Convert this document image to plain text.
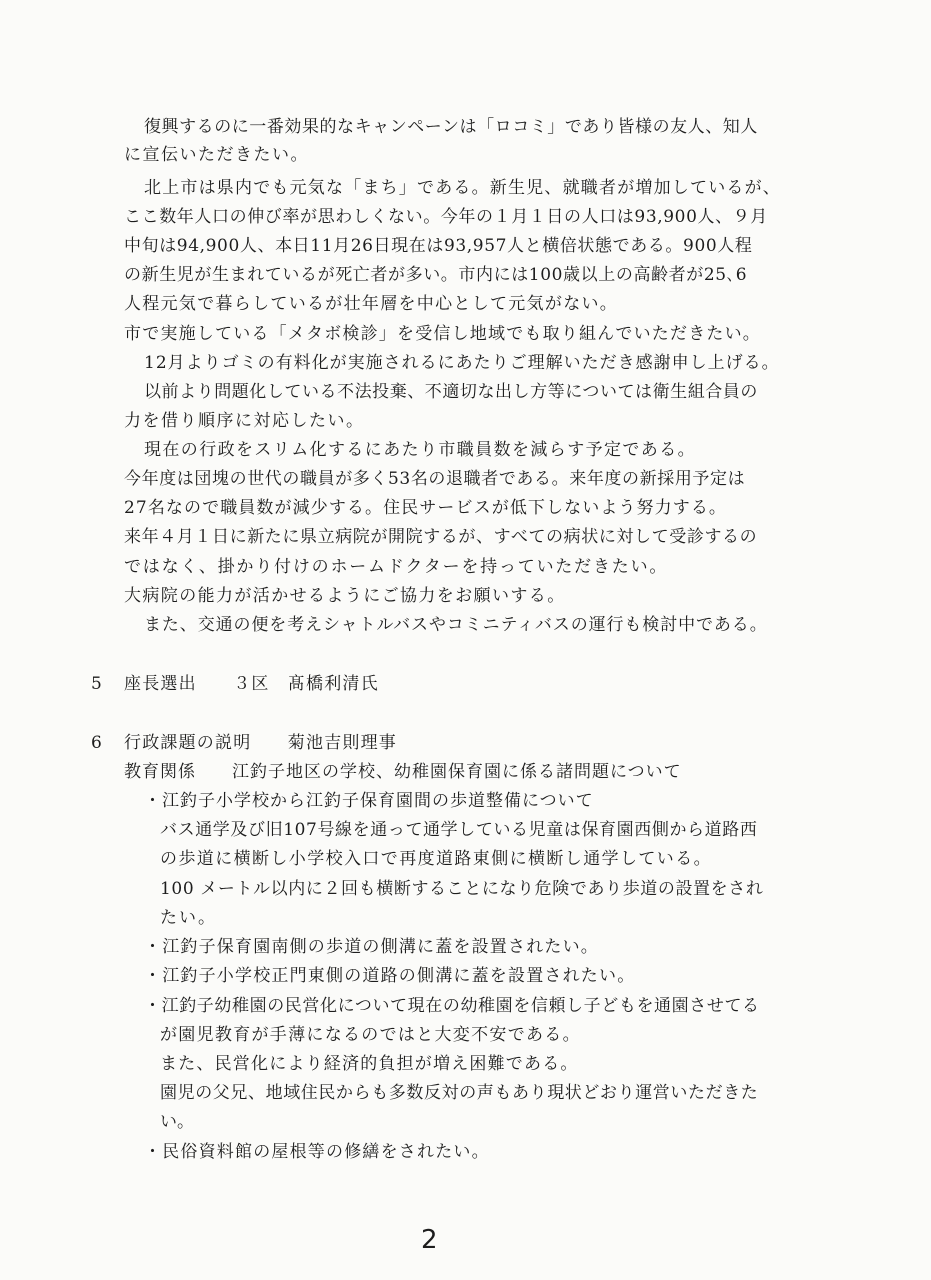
復興するのに一番効果的なキャンペーンは「ロコミ」であり皆様の友人、知人
に宣伝いただきたい。
北上市は県内でも元気な「まち」である。新生児、就職者が増加しているが、
ここ数年人口の伸び率が思わしくない。今年の１月１日の人口は93,900人、９月
中旬は94,900人、本日11月26日現在は93,957人と横倍状態である。900人程
の新生児が生まれているが死亡者が多い。市内には100歳以上の高齢者が25､6
人程元気で暮らしているが壮年層を中心として元気がない。
市で実施している「メタボ検診」を受信し地域でも取り組んでいただきたい。
12月よりゴミの有料化が実施されるにあたりご理解いただき感謝申し上げる。
以前より問題化している不法投棄、不適切な出し方等については衛生組合員の
力を借り順序に対応したい。
現在の行政をスリム化するにあたり市職員数を減らす予定である。
今年度は団塊の世代の職員が多く53名の退職者である。来年度の新採用予定は
27名なので職員数が減少する。住民サービスが低下しないよう努力する。
来年４月１日に新たに県立病院が開院するが、すべての病状に対して受診するの
ではなく、掛かり付けのホームドクターを持っていただきたい。
大病院の能力が活かせるようにご協力をお願いする。
また、交通の便を考えシャトルバスやコミニティバスの運行も検討中である。
5 座長選出　　３区　髙橋利清氏
6 行政課題の説明　　菊池吉則理事
教育関係　　江釣子地区の学校、幼稚園保育園に係る諸問題について
・江釣子小学校から江釣子保育園間の歩道整備について
バス通学及び旧107号線を通って通学している児童は保育園西側から道路西
の歩道に横断し小学校入口で再度道路東側に横断し通学している。
100 メートル以内に２回も横断することになり危険であり歩道の設置をされ
たい。
・江釣子保育園南側の歩道の側溝に蓋を設置されたい。
・江釣子小学校正門東側の道路の側溝に蓋を設置されたい。
・江釣子幼稚園の民営化について現在の幼稚園を信頼し子どもを通園させてる
が園児教育が手薄になるのではと大変不安である。
また、民営化により経済的負担が増え困難である。
園児の父兄、地域住民からも多数反対の声もあり現状どおり運営いただきた
い。
・民俗資料館の屋根等の修繕をされたい。
2
